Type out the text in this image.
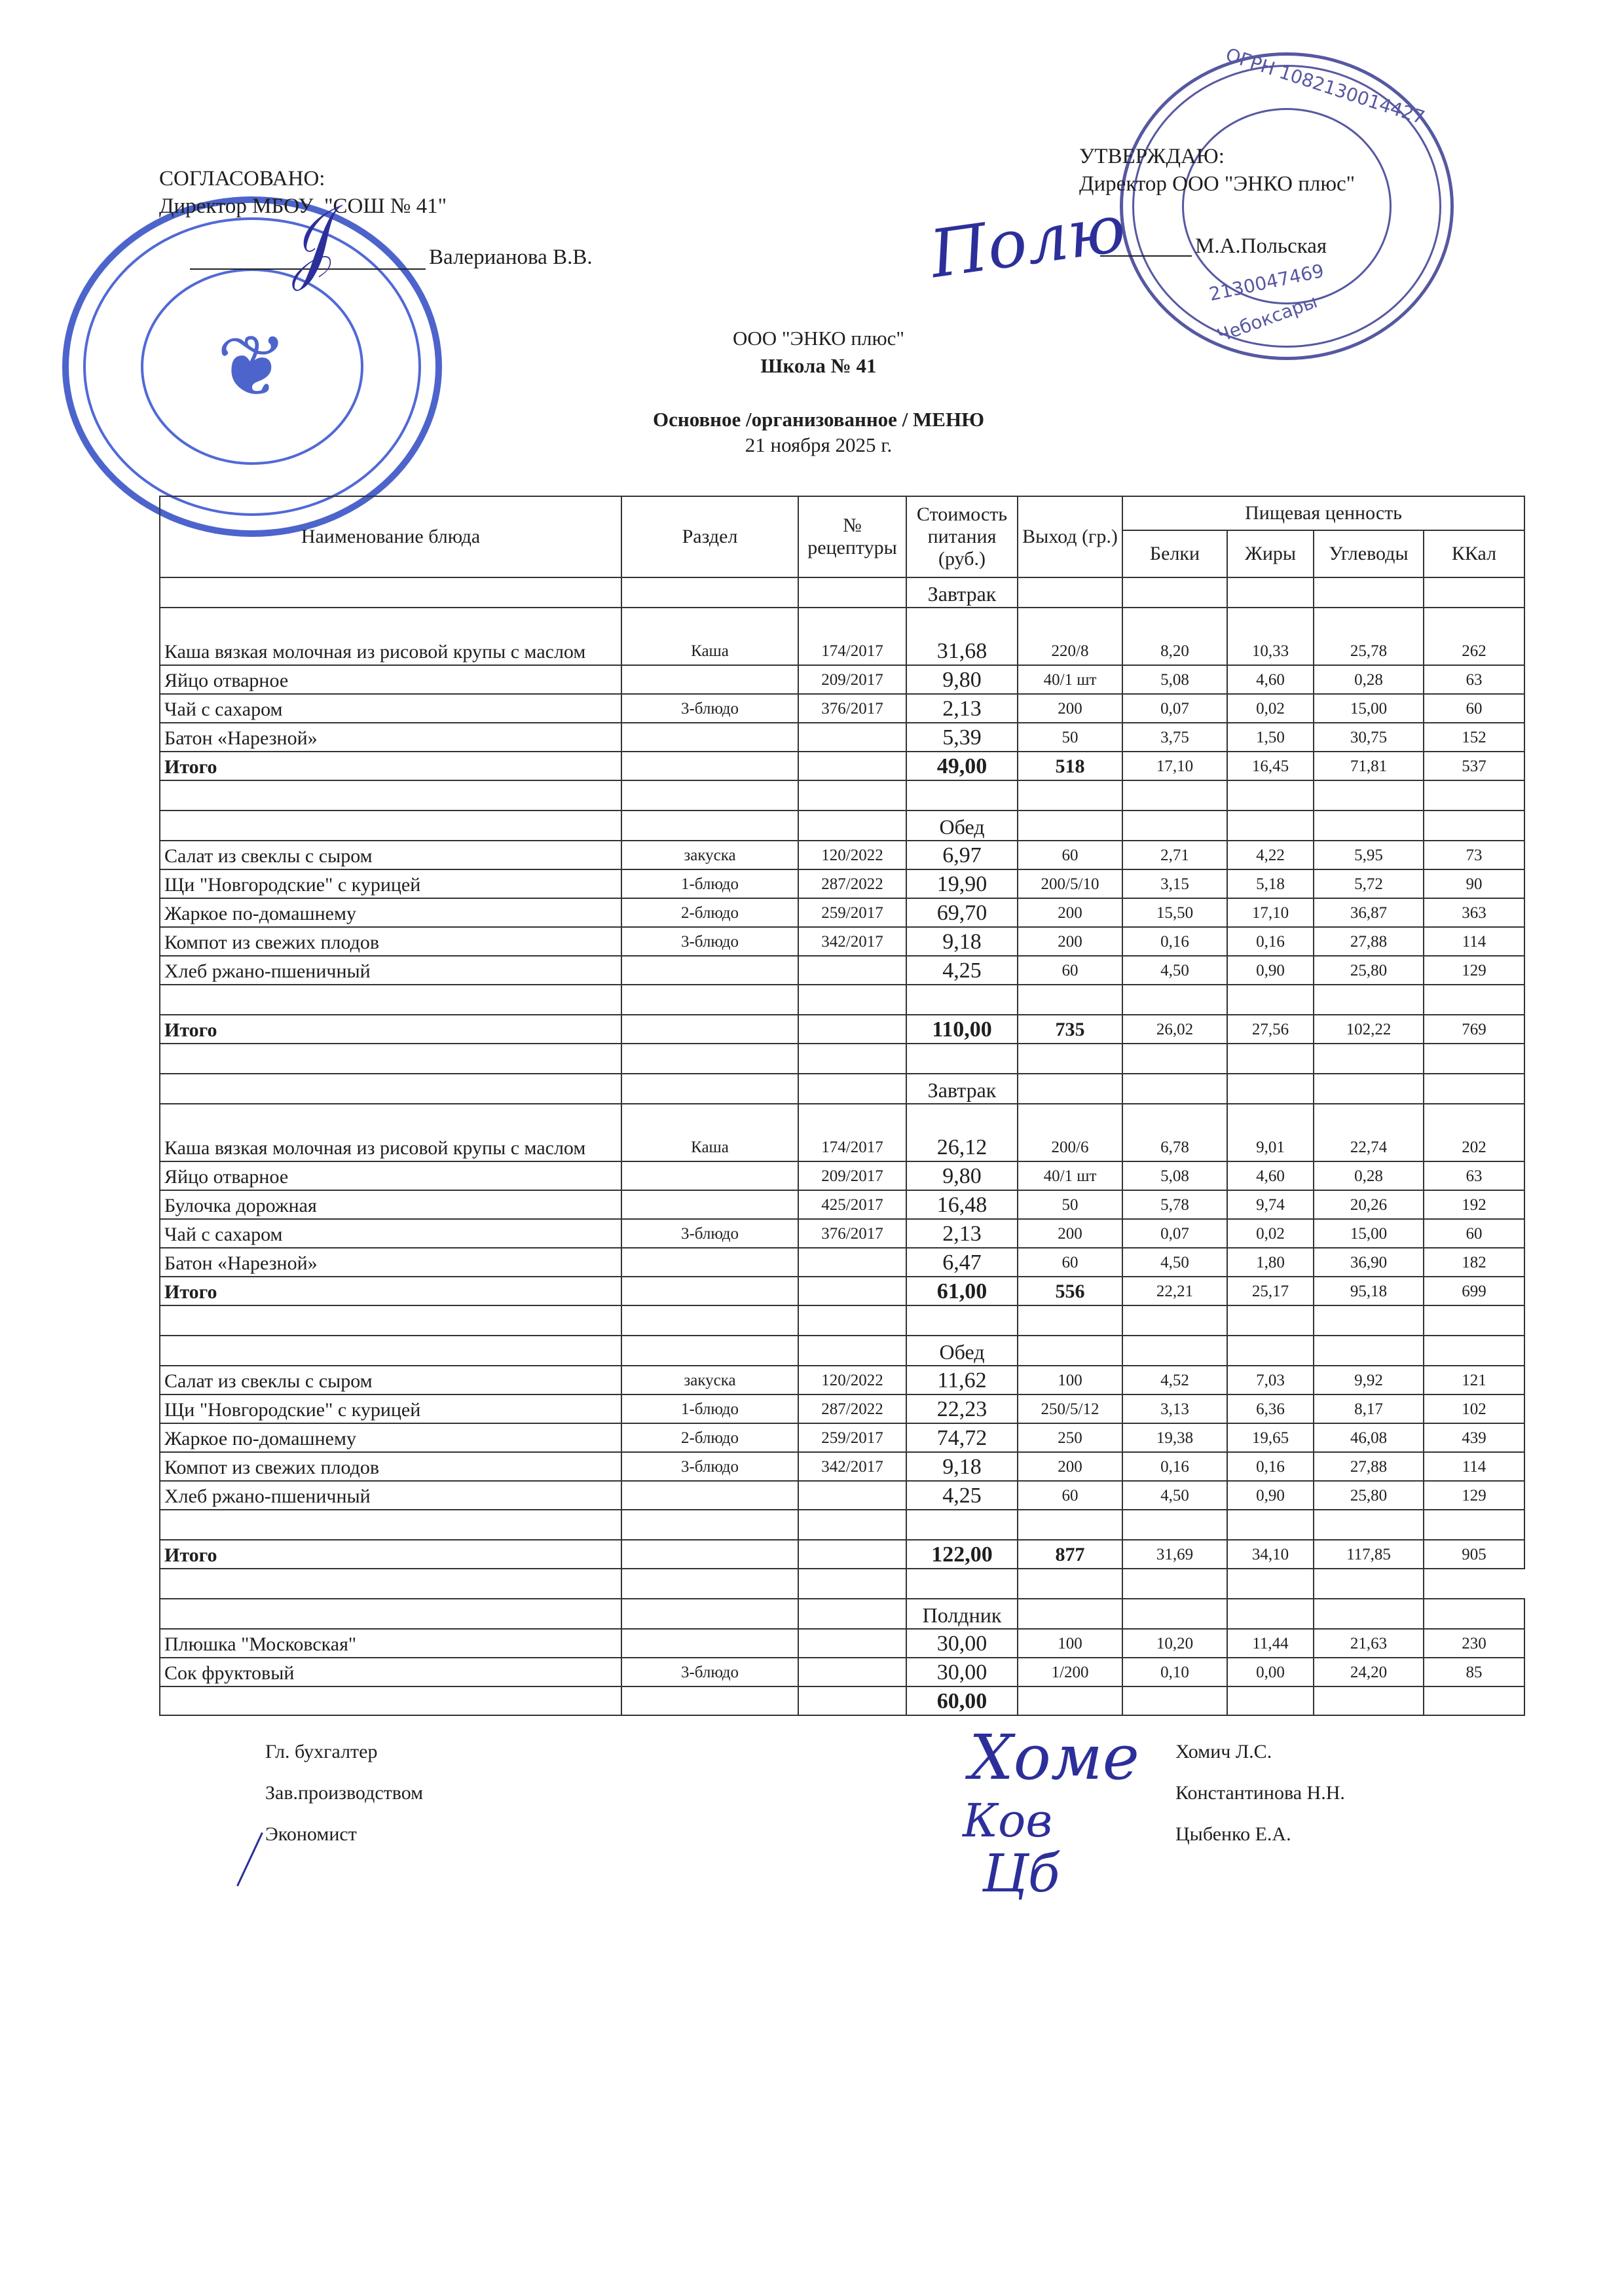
❦
ОГРН 1082130014427
2130047469
Чебоксары
СОГЛАСОВАНО:
Директор МБОУ  "СОШ № 41"
Валерианова В.В.
𝒥
УТВЕРЖДАЮ:
Директор ООО "ЭНКО плюс"
М.А.Польская
Полю
ООО "ЭНКО плюс"
Школа № 41
Основное /организованное / МЕНЮ
21 ноября 2025 г.
Наименование блюда	Раздел	№ рецептуры	Стоимость питания (руб.)	Выход (гр.)	Пищевая ценность			
					Белки	Жиры	Углеводы	ККал
			Завтрак					
Каша вязкая молочная из рисовой крупы с маслом	Каша	174/2017	31,68	220/8	8,20	10,33	25,78	262
Яйцо отварное		209/2017	9,80	40/1 шт	5,08	4,60	0,28	63
Чай с сахаром	3-блюдо	376/2017	2,13	200	0,07	0,02	15,00	60
Батон «Нарезной»			5,39	50	3,75	1,50	30,75	152
Итого			49,00	518	17,10	16,45	71,81	537

			Обед					
Салат из свеклы с сыром	закуска	120/2022	6,97	60	2,71	4,22	5,95	73
Щи "Новгородские" с курицей	1-блюдо	287/2022	19,90	200/5/10	3,15	5,18	5,72	90
Жаркое по-домашнему	2-блюдо	259/2017	69,70	200	15,50	17,10	36,87	363
Компот из свежих плодов	3-блюдо	342/2017	9,18	200	0,16	0,16	27,88	114
Хлеб ржано-пшеничный			4,25	60	4,50	0,90	25,80	129

Итого			110,00	735	26,02	27,56	102,22	769

			Завтрак					
Каша вязкая молочная из рисовой крупы с маслом	Каша	174/2017	26,12	200/6	6,78	9,01	22,74	202
Яйцо отварное		209/2017	9,80	40/1 шт	5,08	4,60	0,28	63
Булочка дорожная		425/2017	16,48	50	5,78	9,74	20,26	192
Чай с сахаром	3-блюдо	376/2017	2,13	200	0,07	0,02	15,00	60
Батон «Нарезной»			6,47	60	4,50	1,80	36,90	182
Итого			61,00	556	22,21	25,17	95,18	699

			Обед					
Салат из свеклы с сыром	закуска	120/2022	11,62	100	4,52	7,03	9,92	121
Щи "Новгородские" с курицей	1-блюдо	287/2022	22,23	250/5/12	3,13	6,36	8,17	102
Жаркое по-домашнему	2-блюдо	259/2017	74,72	250	19,38	19,65	46,08	439
Компот из свежих плодов	3-блюдо	342/2017	9,18	200	0,16	0,16	27,88	114
Хлеб ржано-пшеничный			4,25	60	4,50	0,90	25,80	129

Итого			122,00	877	31,69	34,10	117,85	905

			Полдник					
Плюшка "Московская"			30,00	100	10,20	11,44	21,63	230
Сок фруктовый	3-блюдо		30,00	1/200	0,10	0,00	24,20	85
			60,00					
Гл. бухгалтер
Зав.производством
Экономист
Хомич Л.С.
Константинова Н.Н.
Цыбенко Е.А.
Хоме
Ков
Цб
